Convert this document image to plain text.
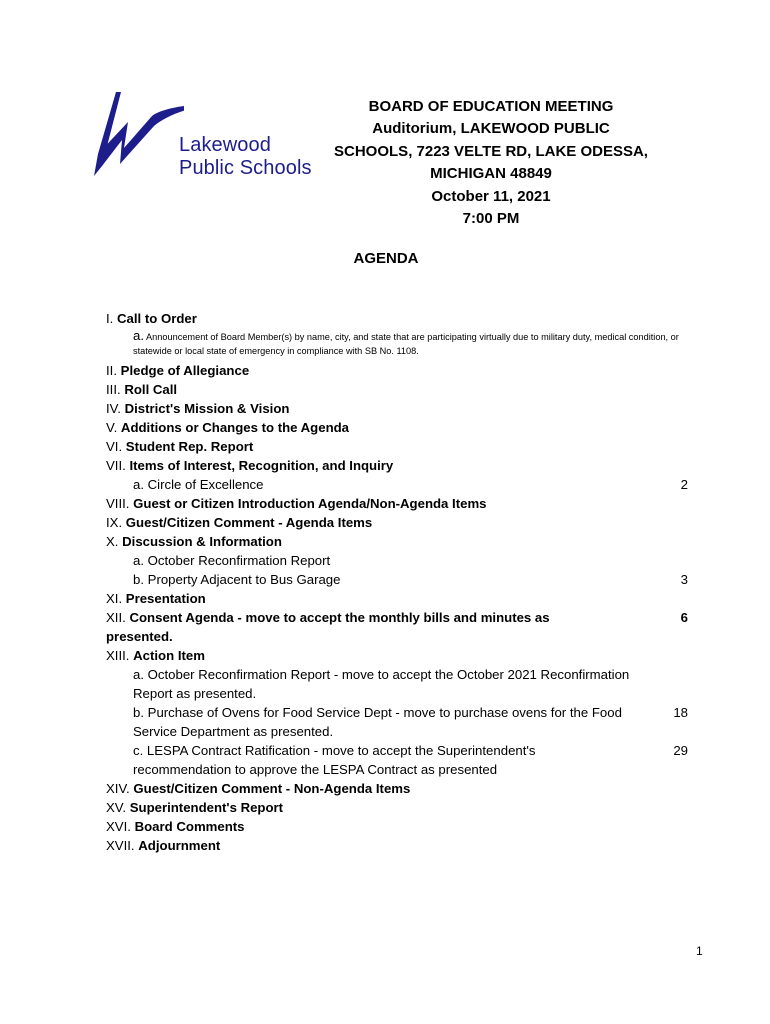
Lakewood
Public Schools
BOARD OF EDUCATION MEETING
Auditorium, LAKEWOOD PUBLIC
SCHOOLS, 7223 VELTE RD, LAKE ODESSA,
MICHIGAN 48849
October 11, 2021
7:00 PM
AGENDA
I. Call to Order
a. Announcement of Board Member(s) by name, city, and state that are participating virtually due to military duty, medical condition, or statewide or local state of emergency in compliance with SB No. 1108.
II. Pledge of Allegiance
III. Roll Call
IV. District's Mission & Vision
V. Additions or Changes to the Agenda
VI. Student Rep. Report
VII. Items of Interest, Recognition, and Inquiry
a. Circle of Excellence	2
VIII. Guest or Citizen Introduction Agenda/Non-Agenda Items
IX. Guest/Citizen Comment - Agenda Items
X. Discussion & Information
a. October Reconfirmation Report
b. Property Adjacent to Bus Garage	3
XI. Presentation
XII. Consent Agenda - move to accept the monthly bills and minutes as presented.
6
XIII. Action Item
a. October Reconfirmation Report - move to accept the October 2021 Reconfirmation Report as presented.
b. Purchase of Ovens for Food Service Dept - move to purchase ovens for the Food Service Department as presented.
18
c. LESPA Contract Ratification - move to accept the Superintendent's recommendation to approve the LESPA Contract as presented
29
XIV. Guest/Citizen Comment - Non-Agenda Items
XV. Superintendent's Report
XVI. Board Comments
XVII. Adjournment
1
